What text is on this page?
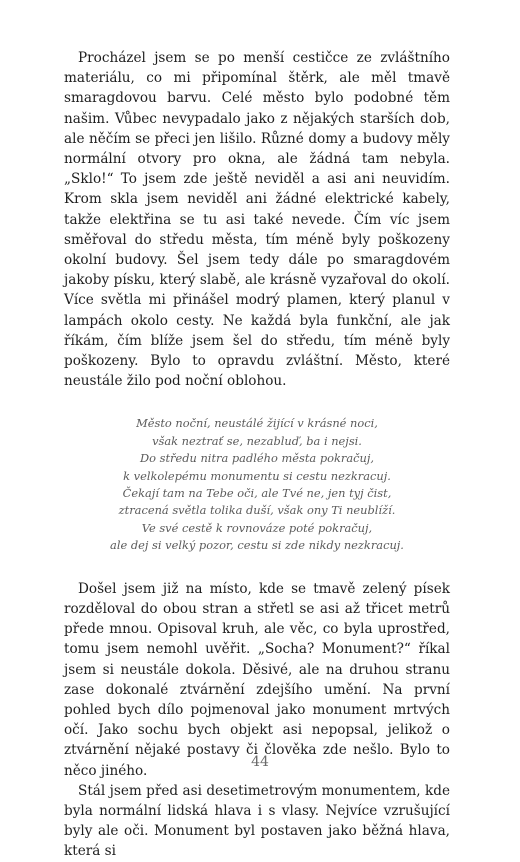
Procházel jsem se po menší cestičce ze zvláštního materiálu, co mi připomínal štěrk, ale měl tmavě smaragdovou barvu. Celé město bylo podobné těm našim. Vůbec nevypadalo jako z nějakých starších dob, ale něčím se přeci jen lišilo. Různé domy a budovy měly normální otvory pro okna, ale žádná tam nebyla. „Sklo!“ To jsem zde ještě neviděl a asi ani neuvidím. Krom skla jsem neviděl ani žádné elektrické kabely, takže elektřina se tu asi také nevede. Čím víc jsem směřoval do středu města, tím méně byly poškozeny okolní budovy. Šel jsem tedy dále po smaragdovém jakoby písku, který slabě, ale krásně vyzařoval do okolí. Více světla mi přinášel modrý plamen, který planul v lampách okolo cesty. Ne každá byla funkční, ale jak říkám, čím blíže jsem šel do středu, tím méně byly poškozeny. Bylo to opravdu zvláštní. Město, které neustále žilo pod noční oblohou.

Město noční, neustálé žijící v krásné noci,
však neztrať se, nezabluď, ba i nejsi.
Do středu nitra padlého města pokračuj,
k velkolepému monumentu si cestu nezkracuj.
Čekají tam na Tebe oči, ale Tvé ne, jen tyj čist,
ztracená světla tolika duší, však ony Ti neublíží.
Ve své cestě k rovnováze poté pokračuj,
ale dej si velký pozor, cestu si zde nikdy nezkracuj.

Došel jsem již na místo, kde se tmavě zelený písek rozděloval do obou stran a střetl se asi až třicet metrů přede mnou. Opisoval kruh, ale věc, co byla uprostřed, tomu jsem nemohl uvěřit. „Socha? Monument?“ říkal jsem si neustále dokola. Děsivé, ale na druhou stranu zase dokonalé ztvárnění zdejšího umění. Na první pohled bych dílo pojmenoval jako monument mrtvých očí. Jako sochu bych objekt asi nepopsal, jelikož o ztvárnění nějaké postavy či člověka zde nešlo. Bylo to něco jiného.

Stál jsem před asi desetimetrovým monumentem, kde byla normální lidská hlava i s vlasy. Nejvíce vzrušující byly ale oči. Monument byl postaven jako běžná hlava, která si

44
